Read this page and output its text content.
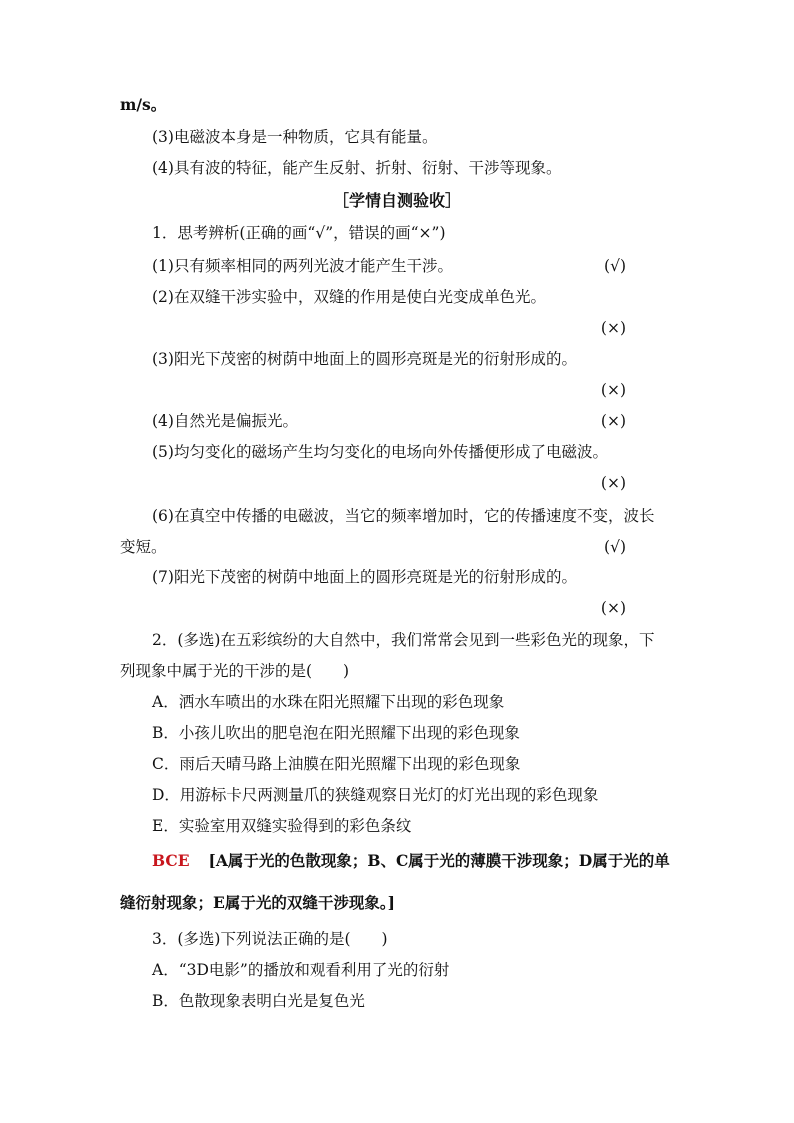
m/s。
(3)电磁波本身是一种物质，它具有能量。
(4)具有波的特征，能产生反射、折射、衍射、干涉等现象。
［学情自测验收］
1．思考辨析(正确的画“√”，错误的画“×”)
(1)只有频率相同的两列光波才能产生干涉。	(√)
(2)在双缝干涉实验中，双缝的作用是使白光变成单色光。
(×)
(3)阳光下茂密的树荫中地面上的圆形亮斑是光的衍射形成的。
(×)
(4)自然光是偏振光。	(×)
(5)均匀变化的磁场产生均匀变化的电场向外传播便形成了电磁波。
(×)
(6)在真空中传播的电磁波，当它的频率增加时，它的传播速度不变，波长
变短。	(√)
(7)阳光下茂密的树荫中地面上的圆形亮斑是光的衍射形成的。
(×)
2．(多选)在五彩缤纷的大自然中，我们常常会见到一些彩色光的现象，下
列现象中属于光的干涉的是(　　)
A．洒水车喷出的水珠在阳光照耀下出现的彩色现象
B．小孩儿吹出的肥皂泡在阳光照耀下出现的彩色现象
C．雨后天晴马路上油膜在阳光照耀下出现的彩色现象
D．用游标卡尺两测量爪的狭缝观察日光灯的灯光出现的彩色现象
E．实验室用双缝实验得到的彩色条纹
BCE [A属于光的色散现象；B、C属于光的薄膜干涉现象；D属于光的单
缝衍射现象；E属于光的双缝干涉现象。]
3．(多选)下列说法正确的是(　　)
A．“3D电影”的播放和观看利用了光的衍射
B．色散现象表明白光是复色光
